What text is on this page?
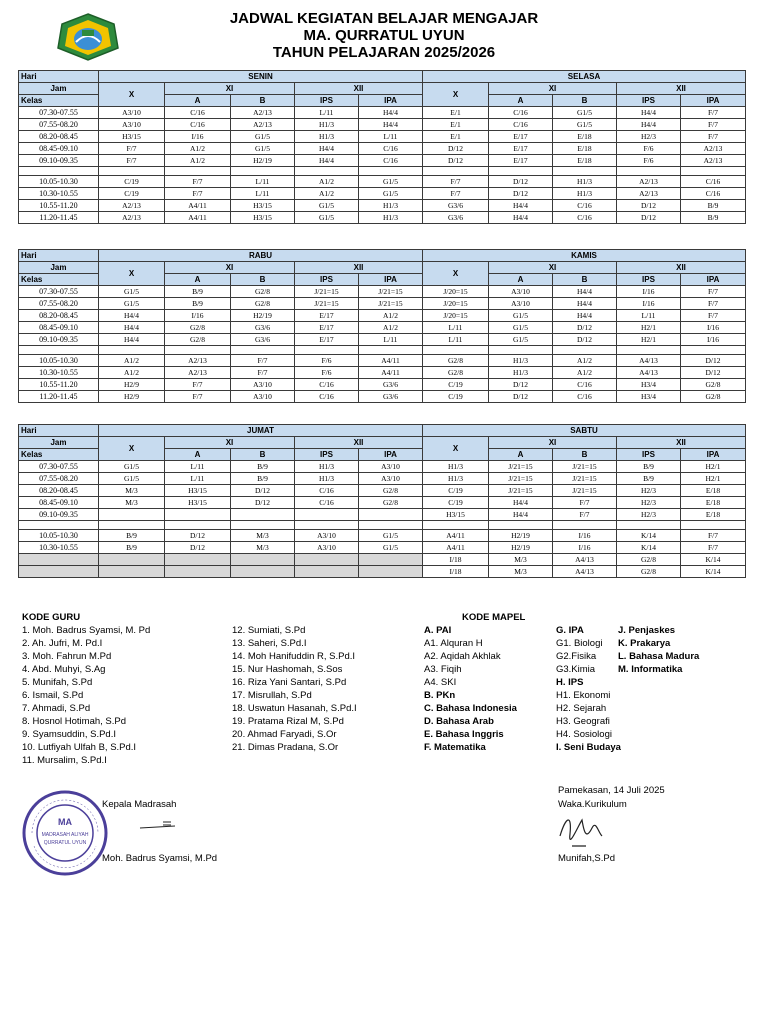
JADWAL KEGIATAN BELAJAR MENGAJAR
MA. QURRATUL UYUN
TAHUN PELAJARAN 2025/2026
Hari	SENIN					SELASA				
Jam	X	XI		XII		X	XI		XII	
Kelas		A	B	IPS	IPA		A	B	IPS	IPA
07.30-07.55	A3/10	C/16	A2/13	L/11	H4/4	E/1	C/16	G1/5	H4/4	F/7
07.55-08.20	A3/10	C/16	A2/13	H1/3	H4/4	E/1	C/16	G1/5	H4/4	F/7
08.20-08.45	H3/15	I/16	G1/5	H1/3	L/11	E/1	E/17	E/18	H2/3	F/7
08.45-09.10	F/7	A1/2	G1/5	H4/4	C/16	D/12	E/17	E/18	F/6	A2/13
09.10-09.35	F/7	A1/2	H2/19	H4/4	C/16	D/12	E/17	E/18	F/6	A2/13

10.05-10.30	C/19	F/7	L/11	A1/2	G1/5	F/7	D/12	H1/3	A2/13	C/16
10.30-10.55	C/19	F/7	L/11	A1/2	G1/5	F/7	D/12	H1/3	A2/13	C/16
10.55-11.20	A2/13	A4/11	H3/15	G1/5	H1/3	G3/6	H4/4	C/16	D/12	B/9
11.20-11.45	A2/13	A4/11	H3/15	G1/5	H1/3	G3/6	H4/4	C/16	D/12	B/9
Hari	RABU					KAMIS				
Jam	X	XI		XII		X	XI		XII	
Kelas		A	B	IPS	IPA		A	B	IPS	IPA
07.30-07.55	G1/5	B/9	G2/8	J/21=15	J/21=15	J/20=15	A3/10	H4/4	I/16	F/7
07.55-08.20	G1/5	B/9	G2/8	J/21=15	J/21=15	J/20=15	A3/10	H4/4	I/16	F/7
08.20-08.45	H4/4	I/16	H2/19	E/17	A1/2	J/20=15	G1/5	H4/4	L/11	F/7
08.45-09.10	H4/4	G2/8	G3/6	E/17	A1/2	L/11	G1/5	D/12	H2/1	I/16
09.10-09.35	H4/4	G2/8	G3/6	E/17	L/11	L/11	G1/5	D/12	H2/1	I/16

10.05-10.30	A1/2	A2/13	F/7	F/6	A4/11	G2/8	H1/3	A1/2	A4/13	D/12
10.30-10.55	A1/2	A2/13	F/7	F/6	A4/11	G2/8	H1/3	A1/2	A4/13	D/12
10.55-11.20	H2/9	F/7	A3/10	C/16	G3/6	C/19	D/12	C/16	H3/4	G2/8
11.20-11.45	H2/9	F/7	A3/10	C/16	G3/6	C/19	D/12	C/16	H3/4	G2/8
Hari	JUMAT					SABTU				
Jam	X	XI		XII		X	XI		XII	
Kelas		A	B	IPS	IPA		A	B	IPS	IPA
07.30-07.55	G1/5	L/11	B/9	H1/3	A3/10	H1/3	J/21=15	J/21=15	B/9	H2/1
07.55-08.20	G1/5	L/11	B/9	H1/3	A3/10	H1/3	J/21=15	J/21=15	B/9	H2/1
08.20-08.45	M/3	H3/15	D/12	C/16	G2/8	C/19	J/21=15	J/21=15	H2/3	E/18
08.45-09.10	M/3	H3/15	D/12	C/16	G2/8	C/19	H4/4	F/7	H2/3	E/18
09.10-09.35						H3/15	H4/4	F/7	H2/3	E/18

10.05-10.30	B/9	D/12	M/3	A3/10	G1/5	A4/11	H2/19	I/16	K/14	F/7
10.30-10.55	B/9	D/12	M/3	A3/10	G1/5	A4/11	H2/19	I/16	K/14	F/7
						I/18	M/3	A4/13	G2/8	K/14
						I/18	M/3	A4/13	G2/8	K/14
KODE GURU
1. Moh. Badrus Syamsi, M. Pd
2. Ah. Jufri, M. Pd.I
3. Moh. Fahrun M.Pd
4. Abd. Muhyi, S.Ag
5. Munifah, S.Pd
6. Ismail, S.Pd
7. Ahmadi, S.Pd
8. Hosnol Hotimah, S.Pd
9. Syamsuddin, S.Pd.I
10. Lutfiyah Ulfah B, S.Pd.I
11. Mursalim, S.Pd.I
12. Sumiati, S.Pd
13. Saheri, S.Pd.I
14. Moh Hanifuddin R, S.Pd.I
15. Nur Hashomah, S.Sos
16. Riza Yani Santari, S.Pd
17. Misrullah, S.Pd
18. Uswatun Hasanah, S.Pd.I
19. Pratama Rizal M, S.Pd
20. Ahmad Faryadi, S.Or
21. Dimas Pradana, S.Or
KODE MAPEL
A. PAI
A1. Alquran H
A2. Aqidah Akhlak
A3. Fiqih
A4. SKI
B. PKn
C. Bahasa Indonesia
D. Bahasa Arab
E. Bahasa Inggris
F. Matematika
G. IPA
G1. Biologi
G2.Fisika
G3.Kimia
H. IPS
H1. Ekonomi
H2. Sejarah
H3. Geografi
H4. Sosiologi
I. Seni Budaya
J. Penjaskes
K. Prakarya
L. Bahasa Madura
M. Informatika
MA
MADRASAH ALIYAH
QURRATUL UYUN
Kepala Madrasah
Moh. Badrus Syamsi, M.Pd
Pamekasan, 14 Juli 2025
Waka.Kurikulum
Munifah,S.Pd
